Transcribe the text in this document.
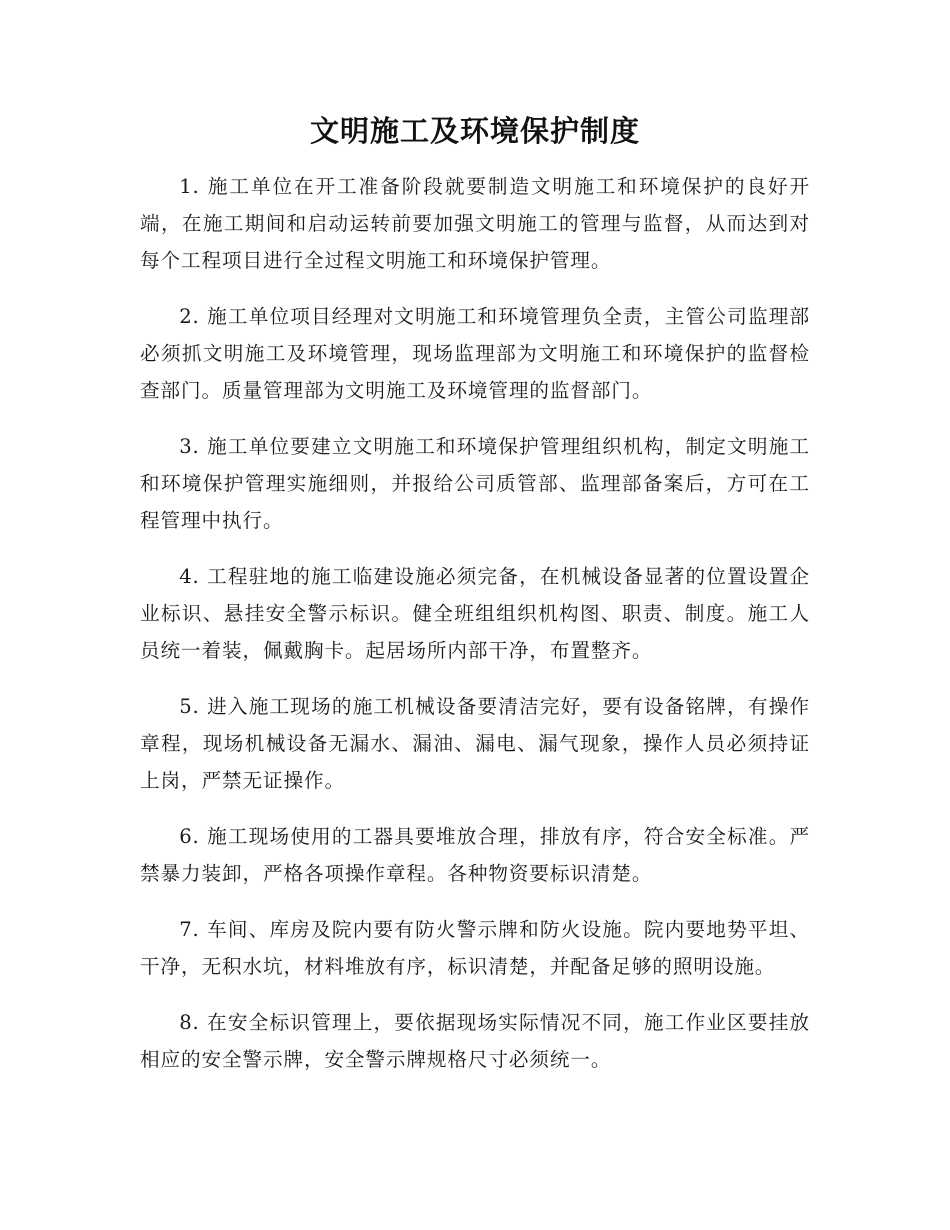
文明施工及环境保护制度

1. 施工单位在开工准备阶段就要制造文明施工和环境保护的良好开端，在施工期间和启动运转前要加强文明施工的管理与监督，从而达到对每个工程项目进行全过程文明施工和环境保护管理。

2. 施工单位项目经理对文明施工和环境管理负全责，主管公司监理部必须抓文明施工及环境管理，现场监理部为文明施工和环境保护的监督检查部门。质量管理部为文明施工及环境管理的监督部门。

3. 施工单位要建立文明施工和环境保护管理组织机构，制定文明施工和环境保护管理实施细则，并报给公司质管部、监理部备案后，方可在工程管理中执行。

4. 工程驻地的施工临建设施必须完备，在机械设备显著的位置设置企业标识、悬挂安全警示标识。健全班组组织机构图、职责、制度。施工人员统一着装，佩戴胸卡。起居场所内部干净，布置整齐。

5. 进入施工现场的施工机械设备要清洁完好，要有设备铭牌，有操作章程，现场机械设备无漏水、漏油、漏电、漏气现象，操作人员必须持证上岗，严禁无证操作。

6. 施工现场使用的工器具要堆放合理，排放有序，符合安全标准。严禁暴力装卸，严格各项操作章程。各种物资要标识清楚。

7. 车间、库房及院内要有防火警示牌和防火设施。院内要地势平坦、干净，无积水坑，材料堆放有序，标识清楚，并配备足够的照明设施。

8. 在安全标识管理上，要依据现场实际情况不同，施工作业区要挂放相应的安全警示牌，安全警示牌规格尺寸必须统一。
